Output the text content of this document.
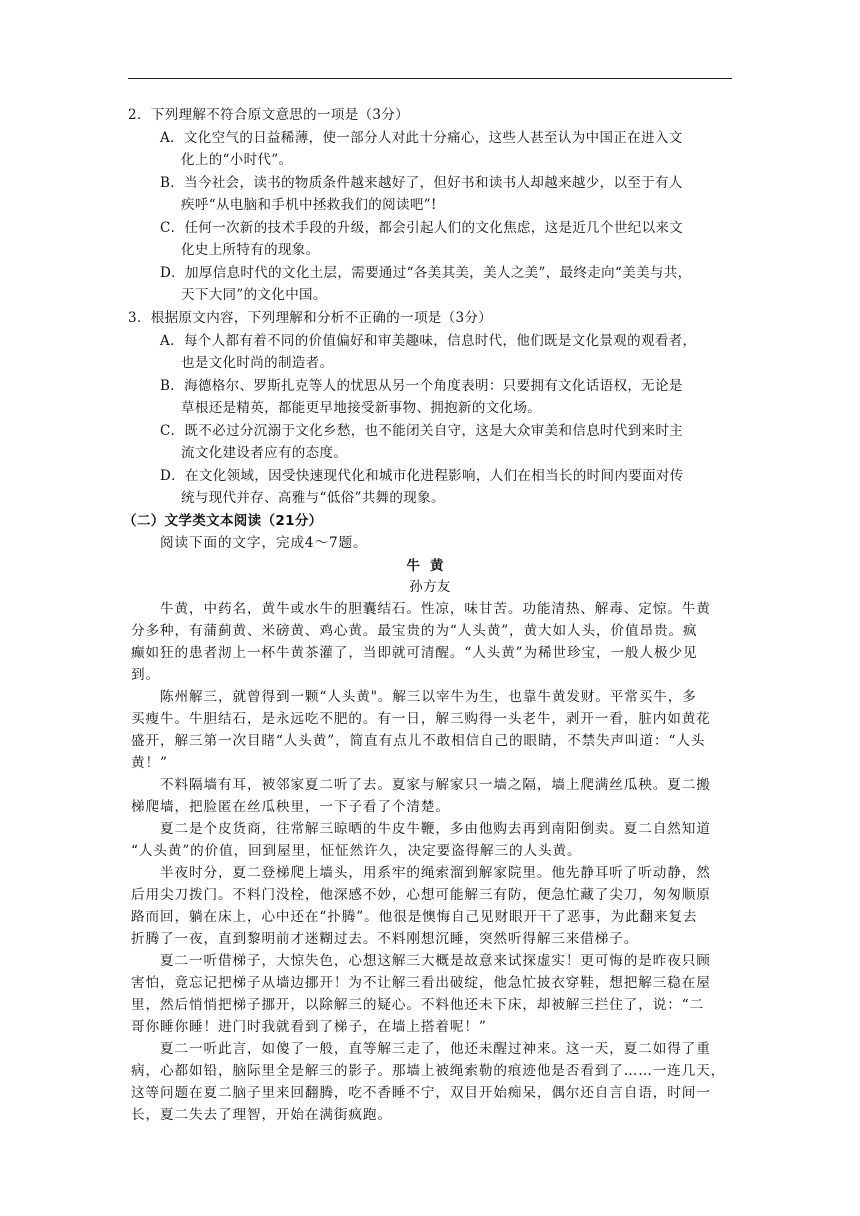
2．下列理解不符合原文意思的一项是（3分）
A．文化空气的日益稀薄，使一部分人对此十分痛心，这些人甚至认为中国正在进入文
化上的“小时代”。
B．当今社会，读书的物质条件越来越好了，但好书和读书人却越来越少，以至于有人
疾呼“从电脑和手机中拯救我们的阅读吧”!
C．任何一次新的技术手段的升级，都会引起人们的文化焦虑，这是近几个世纪以来文
化史上所特有的现象。
D．加厚信息时代的文化土层，需要通过“各美其美，美人之美”，最终走向“美美与共，
天下大同”的文化中国。
3．根据原文内容，下列理解和分析不正确的一项是（3分）
A．每个人都有着不同的价值偏好和审美趣味，信息时代，他们既是文化景观的观看者，
也是文化时尚的制造者。
B．海德格尔、罗斯扎克等人的忧思从另一个角度表明：只要拥有文化话语权，无论是
草根还是精英，都能更早地接受新事物、拥抱新的文化场。
C．既不必过分沉溺于文化乡愁，也不能闭关自守，这是大众审美和信息时代到来时主
流文化建设者应有的态度。
D．在文化领域，因受快速现代化和城市化进程影响，人们在相当长的时间内要面对传
统与现代并存、高雅与“低俗”共舞的现象。
（二）文学类文本阅读（21分）
阅读下面的文字，完成4～7题。
牛黄
孙方友
牛黄，中药名，黄牛或水牛的胆囊结石。性凉，味甘苦。功能清热、解毒、定惊。牛黄
分多种，有蒲蓟黄、米磅黄、鸡心黄。最宝贵的为“人头黄”，黄大如人头，价值昂贵。疯
癫如狂的患者沏上一杯牛黄茶灌了，当即就可清醒。“人头黄”为稀世珍宝，一般人极少见
到。
陈州解三，就曾得到一颗“人头黄"。解三以宰牛为生，也靠牛黄发财。平常买牛，多
买瘦牛。牛胆结石，是永远吃不肥的。有一日，解三购得一头老牛，剥开一看，脏内如黄花
盛开，解三第一次目睹“人头黄”，简直有点儿不敢相信自己的眼睛，不禁失声叫道：“人头
黄！”
不料隔墙有耳，被邻家夏二听了去。夏家与解家只一墙之隔，墙上爬满丝瓜秧。夏二搬
梯爬墙，把脸匿在丝瓜秧里，一下子看了个清楚。
夏二是个皮货商，往常解三晾晒的牛皮牛鞭，多由他购去再到南阳倒卖。夏二自然知道
“人头黄”的价值，回到屋里，怔怔然许久，决定要盗得解三的人头黄。
半夜时分，夏二登梯爬上墙头，用系牢的绳索溜到解家院里。他先静耳听了听动静，然
后用尖刀拨门。不料门没栓，他深感不妙，心想可能解三有防，便急忙藏了尖刀，匆匆顺原
路而回，躺在床上，心中还在“扑腾”。他很是懊悔自己见财眼开干了恶事，为此翻来复去
折腾了一夜，直到黎明前才迷糊过去。不料刚想沉睡，突然听得解三来借梯子。
夏二一听借梯子，大惊失色，心想这解三大概是故意来试探虚实！更可悔的是昨夜只顾
害怕，竟忘记把梯子从墙边挪开！为不让解三看出破绽，他急忙披衣穿鞋，想把解三稳在屋
里，然后悄悄把梯子挪开，以除解三的疑心。不料他还未下床，却被解三拦住了，说：“二
哥你睡你睡！进门时我就看到了梯子，在墙上搭着呢！”
夏二一听此言，如傻了一般，直等解三走了，他还未醒过神来。这一天，夏二如得了重
病，心都如铅，脑际里全是解三的影子。那墙上被绳索勒的痕迹他是否看到了……一连几天，
这等问题在夏二脑子里来回翻腾，吃不香睡不宁，双目开始痴呆，偶尔还自言自语，时间一
长，夏二失去了理智，开始在满街疯跑。
